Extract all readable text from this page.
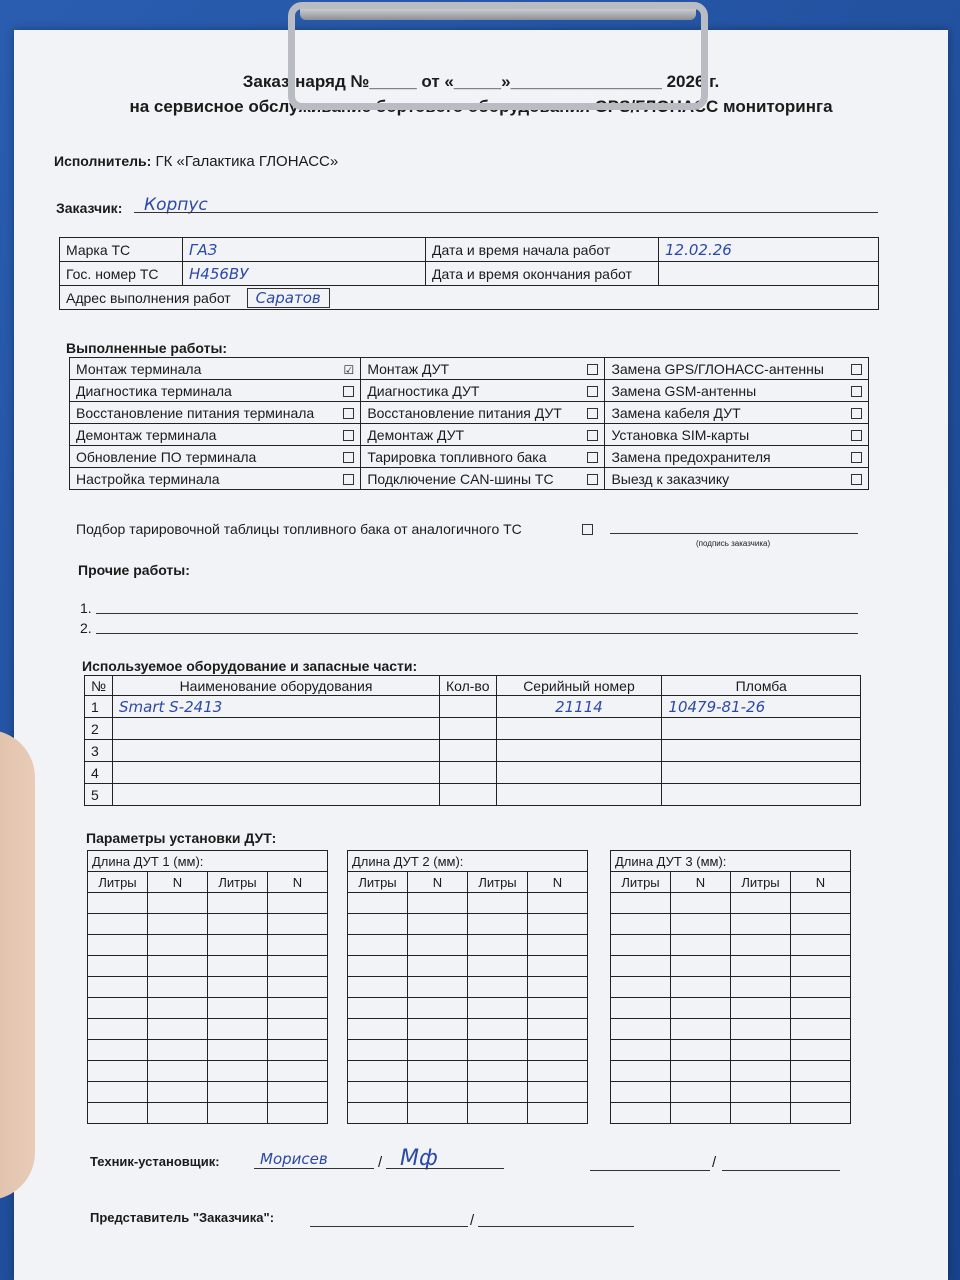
Заказ-наряд №_____ от «_____»________________ 2026 г.
на сервисное обслуживание бортового оборудования GPS/ГЛОНАСС мониторинга
Исполнитель: ГК «Галактика ГЛОНАСС»
Заказчик: Корпус
Марка ТС	ГАЗ	Дата и время начала работ	12.02.26
Гос. номер ТС	Н456ВУ	Дата и время окончания работ	
Адрес выполнения работ Саратов			
Выполненные работы:
Монтаж терминала	☑	Монтаж ДУТ		Замена GPS/ГЛОНАСС-антенны	
Диагностика терминала		Диагностика ДУТ		Замена GSM-антенны	
Восстановление питания терминала		Восстановление питания ДУТ		Замена кабеля ДУТ	
Демонтаж терминала		Демонтаж ДУТ		Установка SIM-карты	
Обновление ПО терминала		Тарировка топливного бака		Замена предохранителя	
Настройка терминала		Подключение CAN-шины ТС		Выезд к заказчику	
Подбор тарировочной таблицы топливного бака от аналогичного ТС
(подпись заказчика)
Прочие работы:
1.
2.
Используемое оборудование и запасные части:
№	Наименование оборудования	Кол-во	Серийный номер	Пломба
1	Smart S-2413		21114	10479-81-26
2				
3				
4				
5				
Параметры установки ДУТ:
Длина ДУТ 1 (мм):			
Литры	N	Литры	N

Длина ДУТ 2 (мм):			
Литры	N	Литры	N

Длина ДУТ 3 (мм):			
Литры	N	Литры	N

Техник-установщик:	Морисев	/ Мф	/
Представитель "Заказчика":	/
